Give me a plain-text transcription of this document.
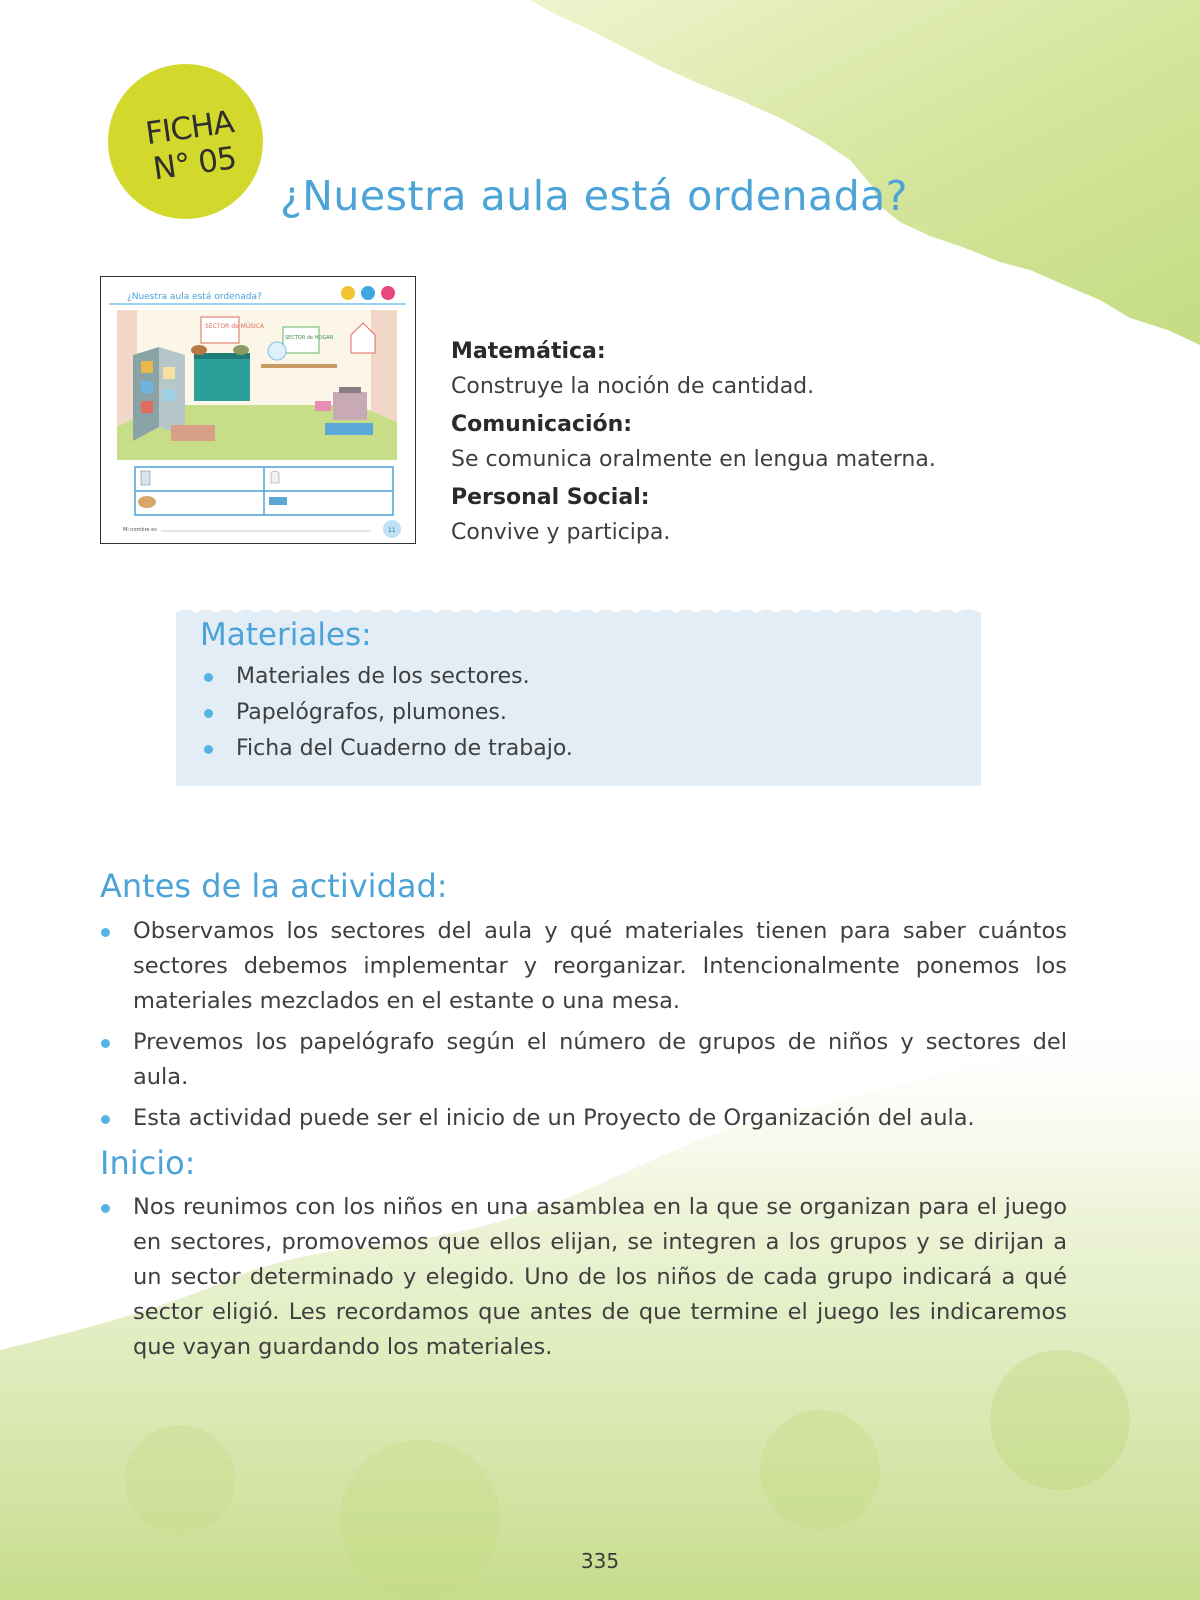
FICHA
N° 05
¿Nuestra aula está ordenada?
¿Nuestra aula está ordenada?
SECTOR de MÚSICA
SECTOR de HOGAR
Mi nombre es	11
Matemática:
Construye la noción de cantidad.
Comunicación:
Se comunica oralmente en lengua materna.
Personal Social:
Convive y participa.
Materiales:
Materiales de los sectores.
Papelógrafos, plumones.
Ficha del Cuaderno de trabajo.
Antes de la actividad:
Observamos los sectores del aula y qué materiales tienen para saber cuántos sectores debemos implementar y reorganizar. Intencionalmente ponemos los materiales mezclados en el estante o una mesa.
Prevemos los papelógrafo según el número de grupos de niños y sectores del aula.
Esta actividad puede ser el inicio de un Proyecto de Organización del aula.
Inicio:
Nos reunimos con los niños en una asamblea en la que se organizan para el juego en sectores, promovemos que ellos elijan, se integren a los grupos y se dirijan a un sector determinado y elegido. Uno de los niños de cada grupo indicará a qué sector eligió. Les recordamos que antes de que termine el juego les indicaremos que vayan guardando los materiales.
335
